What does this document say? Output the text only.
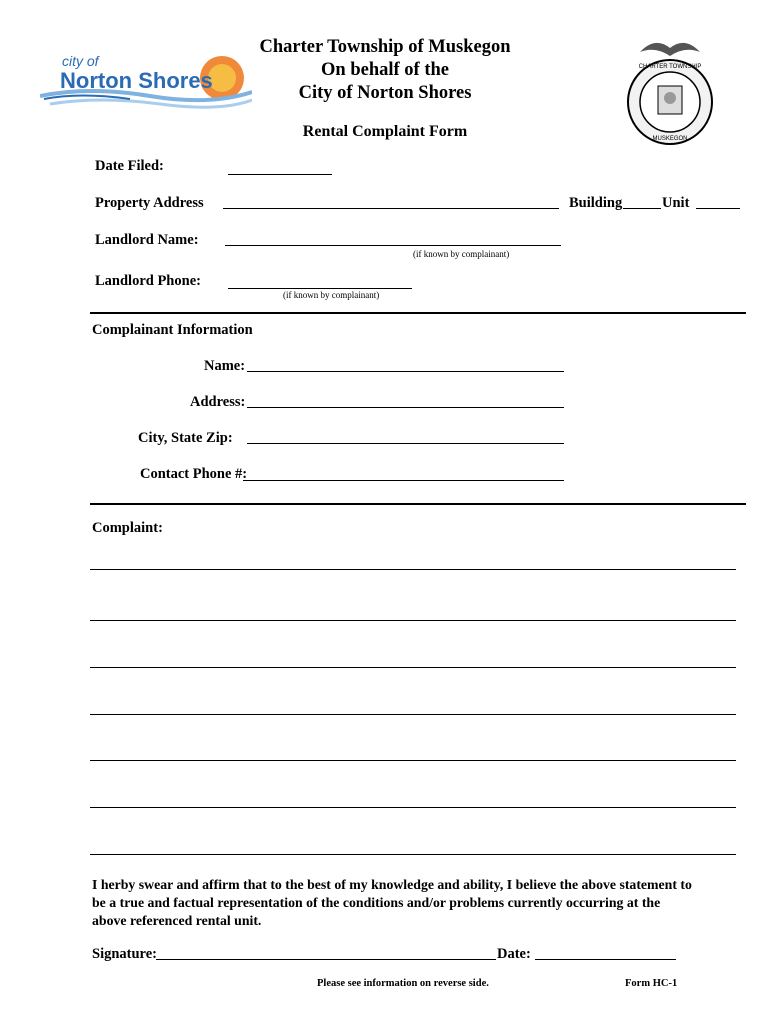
Charter Township of Muskegon
On behalf of the
City of Norton Shores
Rental Complaint Form
city of
Norton Shores
CHARTER TOWNSHIP
MUSKEGON
Date Filed:
Property Address	Building	Unit
Landlord Name:
(if known by complainant)
Landlord Phone:
(if known by complainant)
Complainant Information
Name:
Address:
City, State Zip:
Contact Phone #:
Complaint:
I herby swear and affirm that to the best of my knowledge and ability, I believe the above statement to be a true and factual representation of the conditions and/or problems currently occurring at the above referenced rental unit.
Signature:	Date:
Please see information on reverse side.	Form HC-1
